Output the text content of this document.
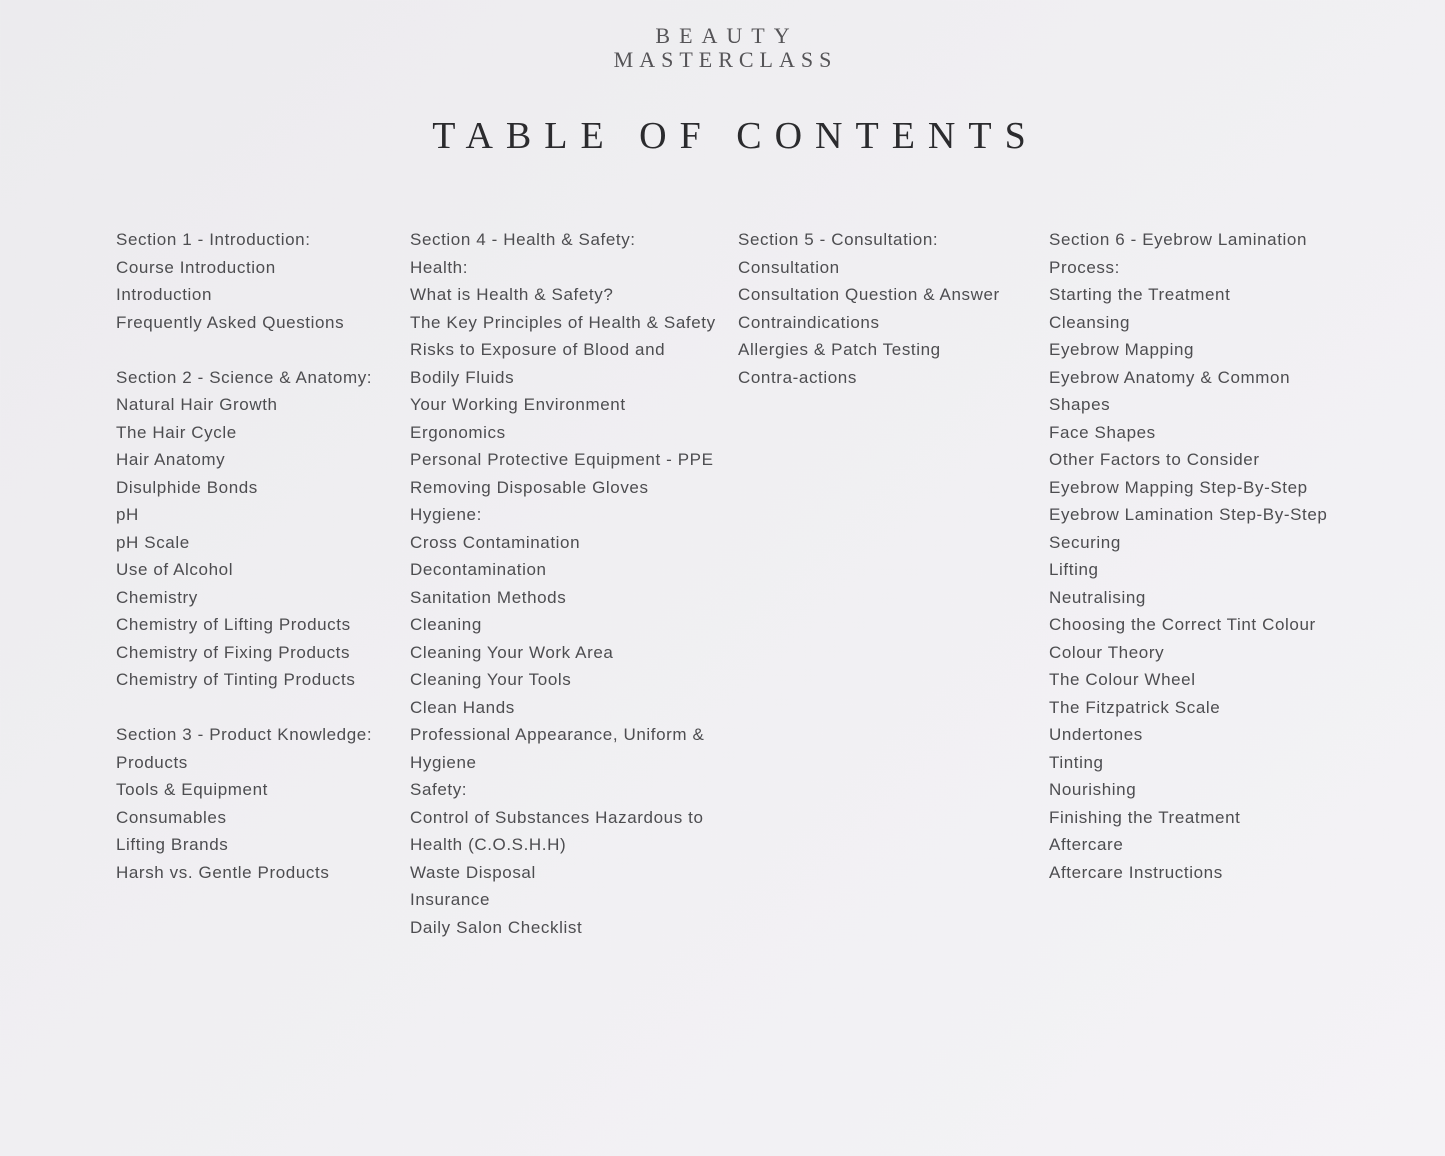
BEAUTY
MASTERCLASS
TABLE OF CONTENTS
Section 1 - Introduction:
Course Introduction
Introduction
Frequently Asked Questions
Section 2 - Science & Anatomy:
Natural Hair Growth
The Hair Cycle
Hair Anatomy
Disulphide Bonds
pH
pH Scale
Use of Alcohol
Chemistry
Chemistry of Lifting Products
Chemistry of Fixing Products
Chemistry of Tinting Products
Section 3 - Product Knowledge:
Products
Tools & Equipment
Consumables
Lifting Brands
Harsh vs. Gentle Products
Section 4 - Health & Safety:
Health:
What is Health & Safety?
The Key Principles of Health & Safety
Risks to Exposure of Blood and
Bodily Fluids
Your Working Environment
Ergonomics
Personal Protective Equipment - PPE
Removing Disposable Gloves
Hygiene:
Cross Contamination
Decontamination
Sanitation Methods
Cleaning
Cleaning Your Work Area
Cleaning Your Tools
Clean Hands
Professional Appearance, Uniform &
Hygiene
Safety:
Control of Substances Hazardous to
Health (C.O.S.H.H)
Waste Disposal
Insurance
Daily Salon Checklist
Section 5 - Consultation:
Consultation
Consultation Question & Answer
Contraindications
Allergies & Patch Testing
Contra-actions
Section 6 - Eyebrow Lamination
Process:
Starting the Treatment
Cleansing
Eyebrow Mapping
Eyebrow Anatomy & Common
Shapes
Face Shapes
Other Factors to Consider
Eyebrow Mapping Step-By-Step
Eyebrow Lamination Step-By-Step
Securing
Lifting
Neutralising
Choosing the Correct Tint Colour
Colour Theory
The Colour Wheel
The Fitzpatrick Scale
Undertones
Tinting
Nourishing
Finishing the Treatment
Aftercare
Aftercare Instructions
